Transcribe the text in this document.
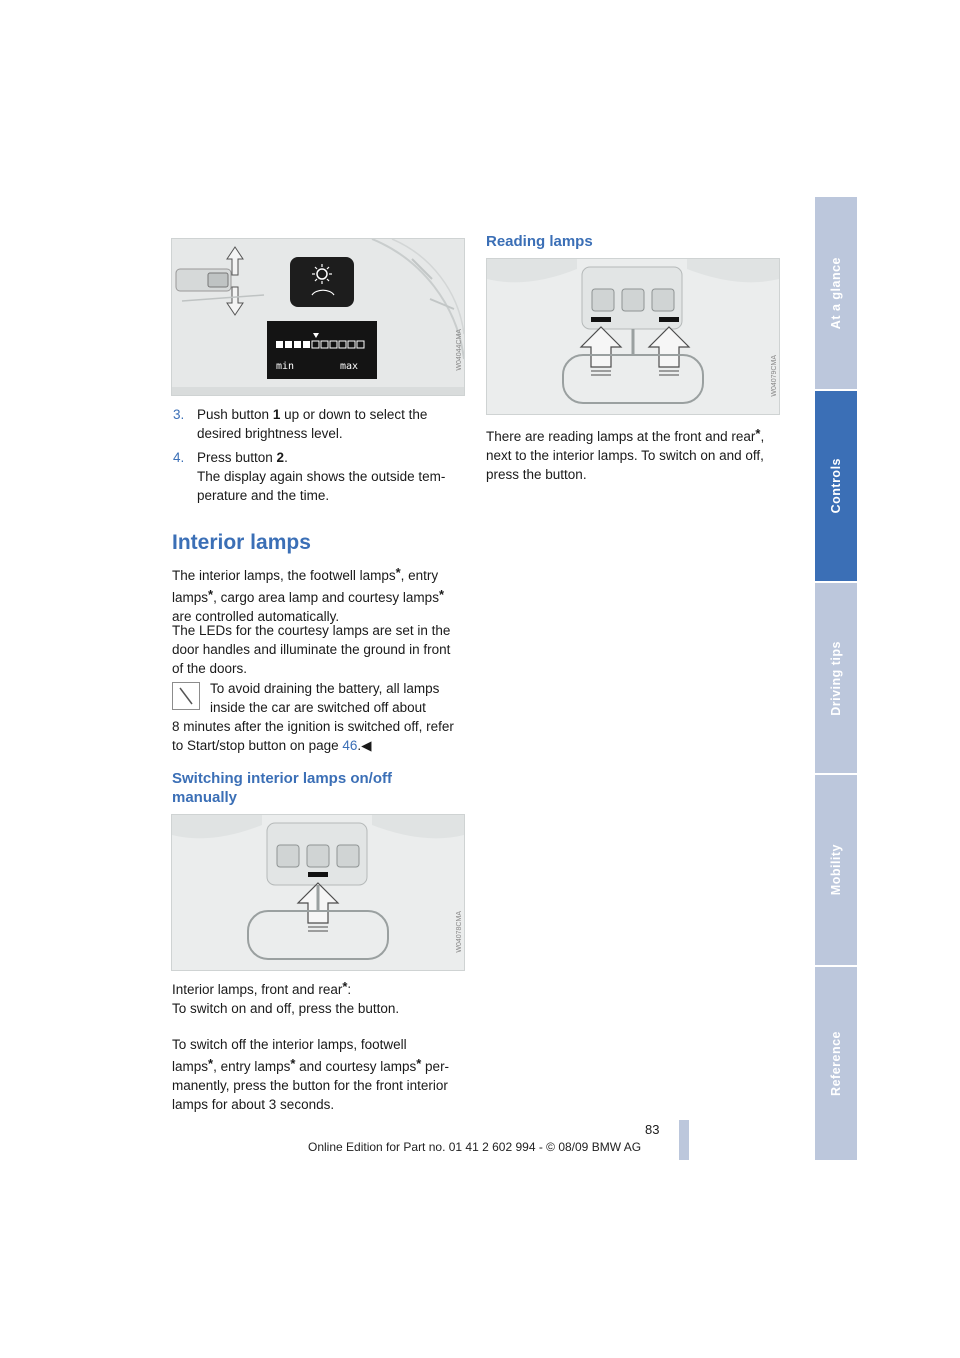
min	max	W04044CMA
3. Push button 1 up or down to select the
desired brightness level.
4. Press button 2.
The display again shows the outside tem-
perature and the time.
Interior lamps
The interior lamps, the footwell lamps*, entry
lamps*, cargo area lamp and courtesy lamps*
are controlled automatically.
The LEDs for the courtesy lamps are set in the
door handles and illuminate the ground in front
of the doors.
To avoid draining the battery, all lamps
inside the car are switched off about
8 minutes after the ignition is switched off, refer
to Start/stop button on page 46.◀
Switching interior lamps on/off
manually
W04078CMA
Interior lamps, front and rear*:
To switch on and off, press the button.
To switch off the interior lamps, footwell
lamps*, entry lamps* and courtesy lamps* per-
manently, press the button for the front interior
lamps for about 3 seconds.
Reading lamps
W04079CMA
There are reading lamps at the front and rear*,
next to the interior lamps. To switch on and off,
press the button.
At a glance
Controls
Driving tips
Mobility
Reference
83
Online Edition for Part no. 01 41 2 602 994 - © 08/09 BMW AG
